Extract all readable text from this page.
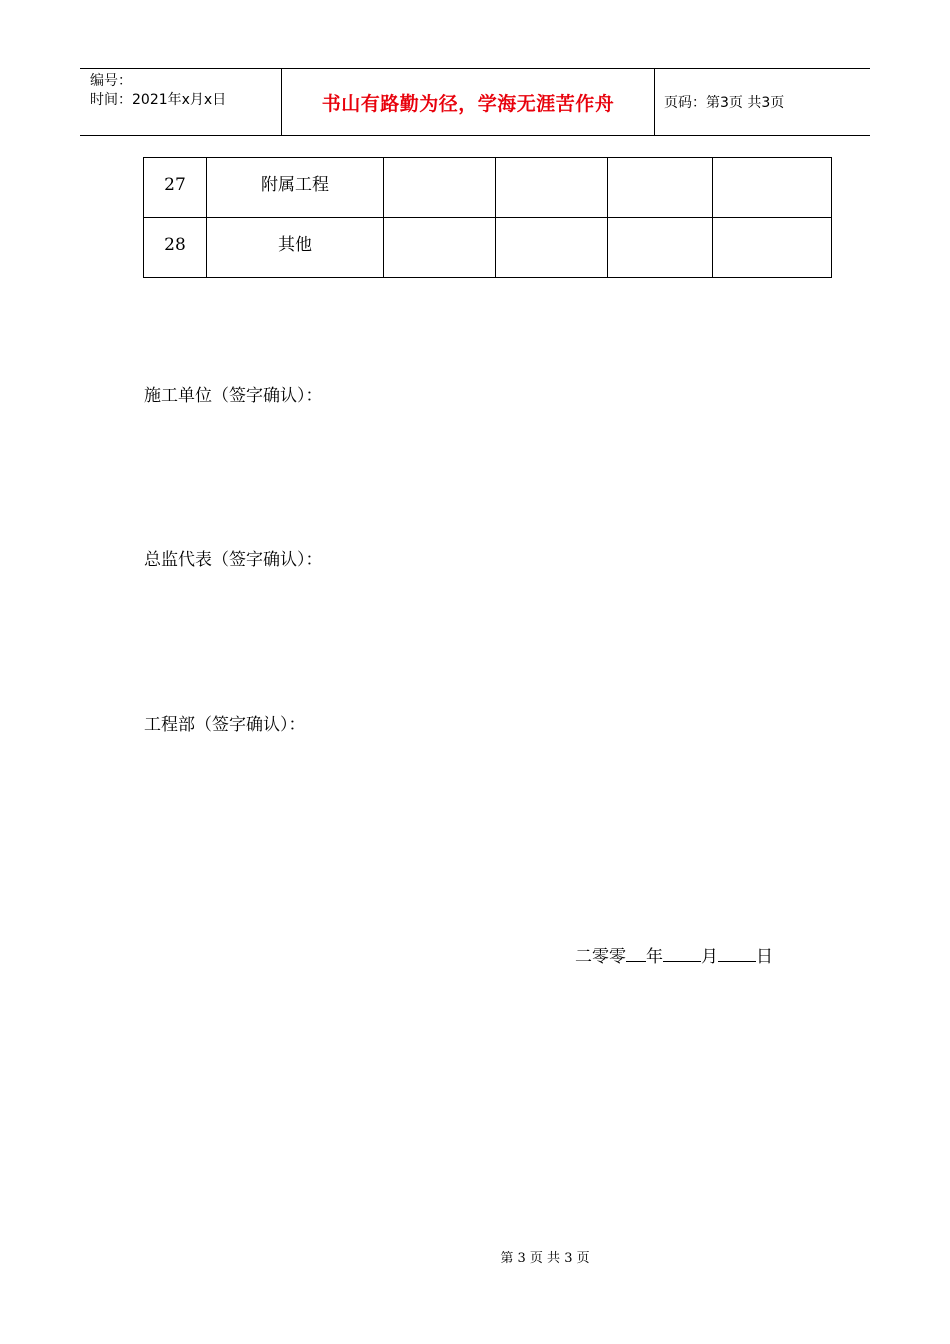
编号：
时间：2021年x月x日	书山有路勤为径，学海无涯苦作舟	页码：第3页 共3页
27	附属工程				

28	其他				

施工单位（签字确认）：
总监代表（签字确认）：
工程部（签字确认）：
二零零 年 月 日
第 3 页 共 3 页
